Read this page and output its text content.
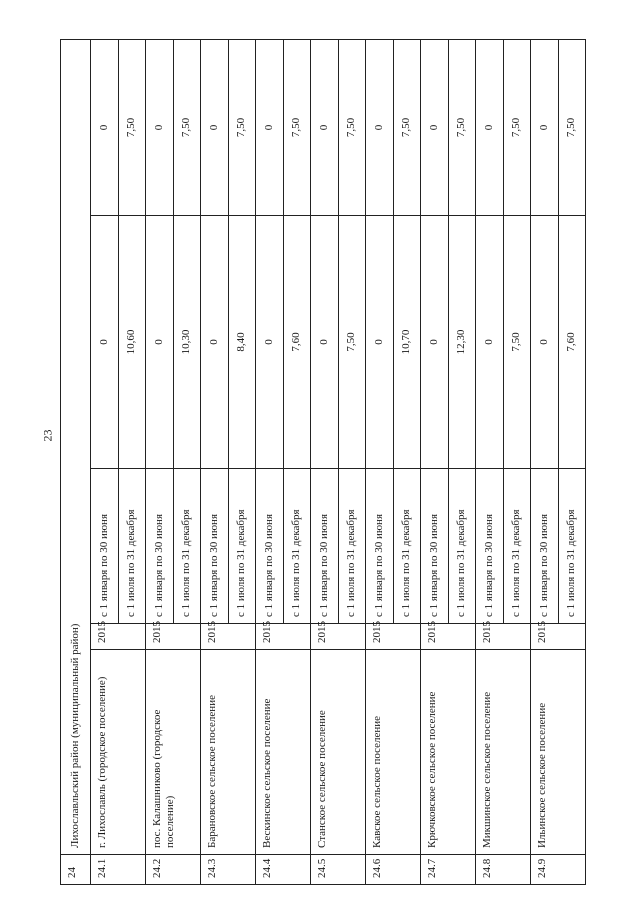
23
24	Лихославльский район (муниципальный район)				
24.1	г. Лихославль (городское поселение)	2015	с 1 января по 30 июня	0	0
			с 1 июля по 31 декабря	10,60	7,50
24.2	пос. Калашниково (городское поселение)	2015	с 1 января по 30 июня	0	0
			с 1 июля по 31 декабря	10,30	7,50
24.3	Барановское сельское поселение	2015	с 1 января по 30 июня	0	0
			с 1 июля по 31 декабря	8,40	7,50
24.4	Вескинское сельское поселение	2015	с 1 января по 30 июня	0	0
			с 1 июля по 31 декабря	7,60	7,50
24.5	Станское сельское поселение	2015	с 1 января по 30 июня	0	0
			с 1 июля по 31 декабря	7,50	7,50
24.6	Кавское сельское поселение	2015	с 1 января по 30 июня	0	0
			с 1 июля по 31 декабря	10,70	7,50
24.7	Крючковское сельское поселение	2015	с 1 января по 30 июня	0	0
			с 1 июля по 31 декабря	12,30	7,50
24.8	Микшинское сельское поселение	2015	с 1 января по 30 июня	0	0
			с 1 июля по 31 декабря	7,50	7,50
24.9	Ильинское сельское поселение	2015	с 1 января по 30 июня	0	0
			с 1 июля по 31 декабря	7,60	7,50
